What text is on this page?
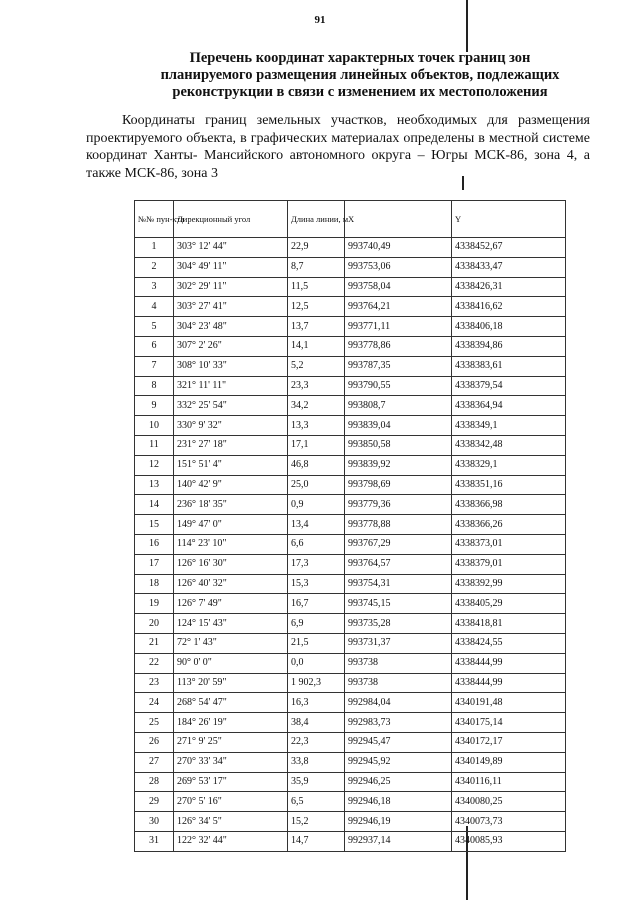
91
Перечень координат характерных точек границ зон
планируемого размещения линейных объектов, подлежащих
реконструкции в связи с изменением их местоположения
Координаты границ земельных участков, необходимых для размещения проектируемого объекта, в графических материалах определены в местной системе координат Ханты- Мансийского автономного округа – Югры МСК-86, зона 4, а также МСК-86, зона 3
№№ пун-кта	Дирекционный угол	Длина линии, м	X	Y
1	303° 12' 44"	22,9	993740,49	4338452,67
2	304° 49' 11"	8,7	993753,06	4338433,47
3	302° 29' 11"	11,5	993758,04	4338426,31
4	303° 27' 41"	12,5	993764,21	4338416,62
5	304° 23' 48"	13,7	993771,11	4338406,18
6	307° 2' 26"	14,1	993778,86	4338394,86
7	308° 10' 33"	5,2	993787,35	4338383,61
8	321° 11' 11"	23,3	993790,55	4338379,54
9	332° 25' 54"	34,2	993808,7	4338364,94
10	330° 9' 32"	13,3	993839,04	4338349,1
11	231° 27' 18"	17,1	993850,58	4338342,48
12	151° 51' 4"	46,8	993839,92	4338329,1
13	140° 42' 9"	25,0	993798,69	4338351,16
14	236° 18' 35"	0,9	993779,36	4338366,98
15	149° 47' 0"	13,4	993778,88	4338366,26
16	114° 23' 10"	6,6	993767,29	4338373,01
17	126° 16' 30"	17,3	993764,57	4338379,01
18	126° 40' 32"	15,3	993754,31	4338392,99
19	126° 7' 49"	16,7	993745,15	4338405,29
20	124° 15' 43"	6,9	993735,28	4338418,81
21	72° 1' 43"	21,5	993731,37	4338424,55
22	90° 0' 0"	0,0	993738	4338444,99
23	113° 20' 59"	1 902,3	993738	4338444,99
24	268° 54' 47"	16,3	992984,04	4340191,48
25	184° 26' 19"	38,4	992983,73	4340175,14
26	271° 9' 25"	22,3	992945,47	4340172,17
27	270° 33' 34"	33,8	992945,92	4340149,89
28	269° 53' 17"	35,9	992946,25	4340116,11
29	270° 5' 16"	6,5	992946,18	4340080,25
30	126° 34' 5"	15,2	992946,19	4340073,73
31	122° 32' 44"	14,7	992937,14	4340085,93
